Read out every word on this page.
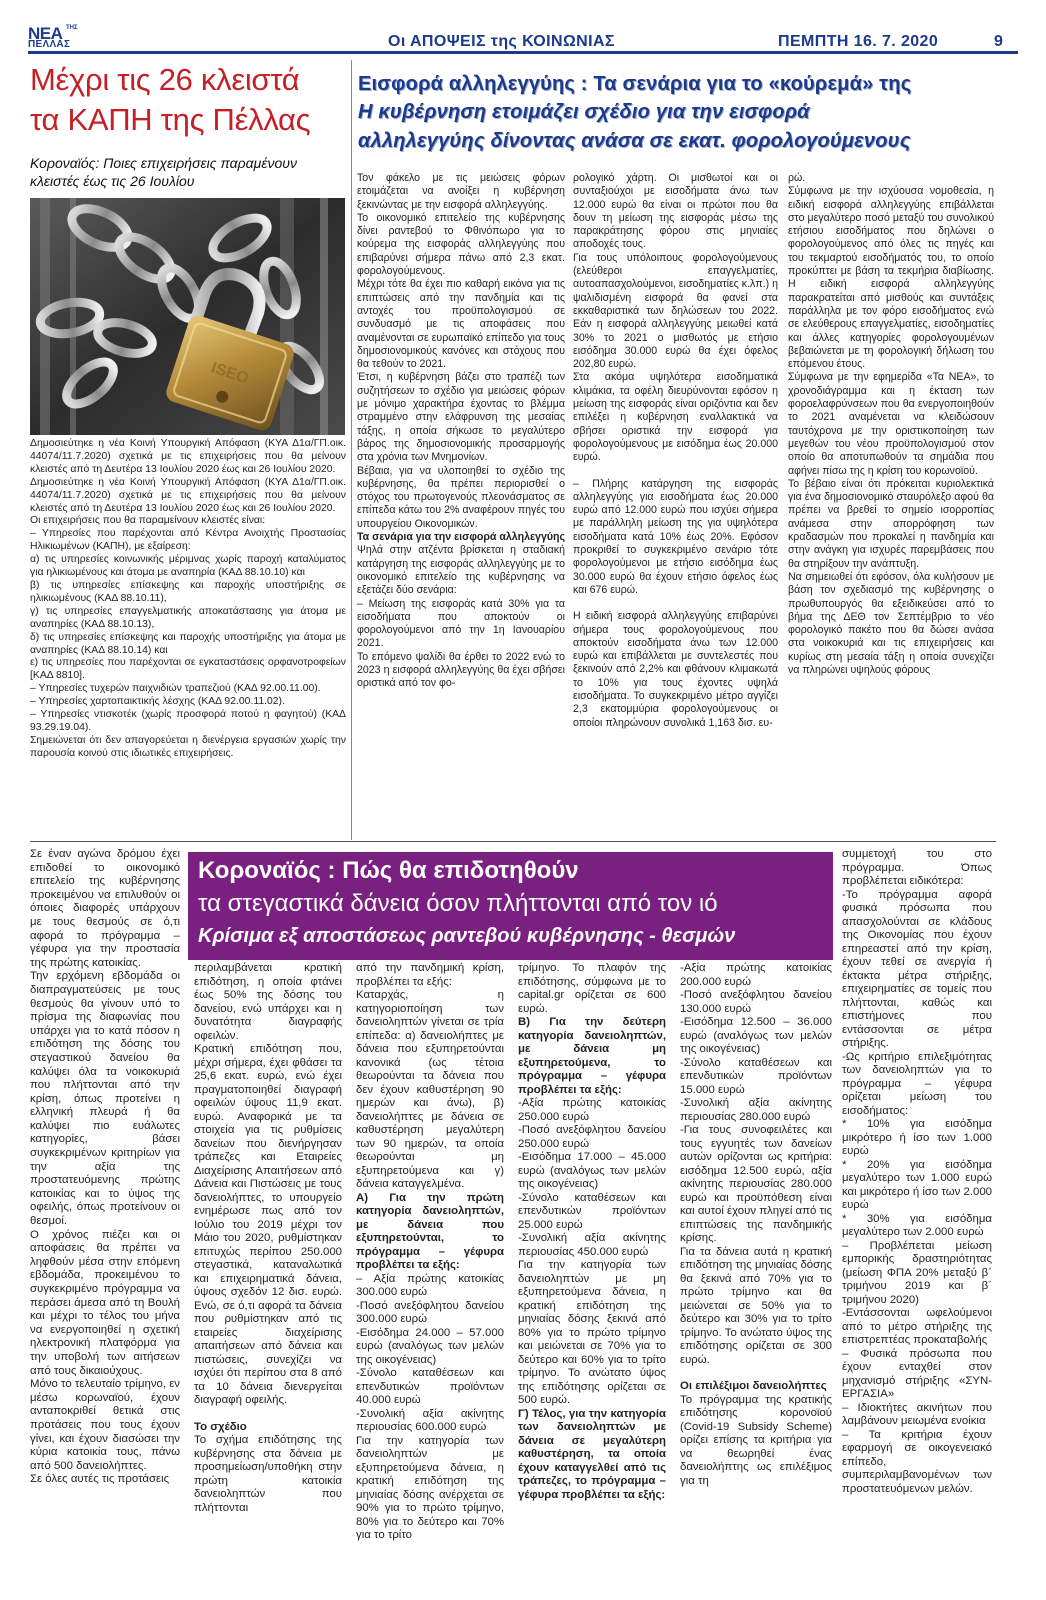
ΝΕΑ ΤΗΣ
ΠΕΛΛΑΣ	Οι ΑΠΟΨΕΙΣ της ΚΟΙΝΩΝΙΑΣ	ΠΕΜΠΤΗ 16. 7. 2020	9
Μέχρι τις 26 κλειστά
τα ΚΑΠΗ της Πέλλας
Κοροναϊός: Ποιες επιχειρήσεις παραμένουν κλειστές έως τις 26 Ιουλίου
ISEO

Δημοσιεύτηκε η νέα Κοινή Υπουργική Απόφαση (ΚΥΑ Δ1α/ΓΠ.οικ. 44074/11.7.2020) σχετικά με τις επιχειρήσεις που θα μείνουν κλειστές από τη Δευτέρα 13 Ιουλίου 2020 έως και 26 Ιουλίου 2020.

Δημοσιεύτηκε η νέα Κοινή Υπουργική Απόφαση (ΚΥΑ Δ1α/ΓΠ.οικ. 44074/11.7.2020) σχετικά με τις επιχειρήσεις που θα μείνουν κλειστές από τη Δευτέρα 13 Ιουλίου 2020 έως και 26 Ιουλίου 2020.

Οι επιχειρήσεις που θα παραμείνουν κλειστές είναι:

– Υπηρεσίες που παρέχονται από Κέντρα Ανοιχτής Προστασίας Ηλικιωμένων (ΚΑΠΗ), με εξαίρεση:

α) τις υπηρεσίες κοινωνικής μέριμνας χωρίς παροχή καταλύματος για ηλικιωμένους και άτομα με αναπηρία (ΚΑΔ 88.10.10) και

β) τις υπηρεσίες επίσκεψης και παροχής υποστήριξης σε ηλικιωμένους (ΚΑΔ 88.10.11),

γ) τις υπηρεσίες επαγγελματικής αποκατάστασης για άτομα με αναπηρίες (ΚΑΔ 88.10.13),

δ) τις υπηρεσίες επίσκεψης και παροχής υποστήριξης για άτομα με αναπηρίες (ΚΑΔ 88.10.14) και

ε) τις υπηρεσίες που παρέχονται σε εγκαταστάσεις ορφανοτροφείων [ΚΑΔ 8810].

– Υπηρεσίες τυχερών παιχνιδιών τραπεζιού (ΚΑΔ 92.00.11.00).

– Υπηρεσίες χαρτοπαικτικής λέσχης (ΚΑΔ 92.00.11.02).

– Υπηρεσίες ντισκοτέκ (χωρίς προσφορά ποτού η φαγητού) (ΚΑΔ 93.29.19.04).

Σημειώνεται ότι δεν απαγορεύεται η διενέργεια εργασιών χωρίς την παρουσία κοινού στις ιδιωτικές επιχειρήσεις.

Εισφορά αλληλεγγύης : Τα σενάρια για το «κούρεμά» της
Η κυβέρνηση ετοιμάζει σχέδιο για την εισφορά
αλληλεγγύης δίνοντας ανάσα σε εκατ. φορολογούμενους

Τον φάκελο με τις μειώσεις φόρων ετοιμάζεται να ανοίξει η κυβέρνηση ξεκινώντας με την εισφορά αλληλεγγύης.

Το οικονομικό επιτελείο της κυβέρνησης δίνει ραντεβού το Φθινόπωρο για το κούρεμα της εισφοράς αλληλεγγύης που επιβαρύνει σήμερα πάνω από 2,3 εκατ. φορολογούμενους.

Μέχρι τότε θα έχει πιο καθαρή εικόνα για τις επιπτώσεις από την πανδημία και τις αντοχές του προϋπολογισμού σε συνδυασμό με τις αποφάσεις που αναμένονται σε ευρωπαϊκό επίπεδο για τους δημοσιονομικούς κανόνες και στόχους που θα τεθούν το 2021.

Έτσι, η κυβέρνηση βάζει στο τραπέζι των συζητήσεων το σχέδιο για μειώσεις φόρων με μόνιμο χαρακτήρα έχοντας το βλέμμα στραμμένο στην ελάφρυνση της μεσαίας τάξης, η οποία σήκωσε το μεγαλύτερο βάρος της δημοσιονομικής προσαρμογής στα χρόνια των Μνημονίων.

Βέβαια, για να υλοποιηθεί το σχέδιο της κυβέρνησης, θα πρέπει περιορισθεί ο στόχος του πρωτογενούς πλεονάσματος σε επίπεδα κάτω του 2% αναφέρουν πηγές του υπουργείου Οικονομικών.

Τα σενάρια για την εισφορά αλληλεγγύης

Ψηλά στην ατζέντα βρίσκεται η σταδιακή κατάργηση της εισφοράς αλληλεγγύης με το οικονομικό επιτελείο της κυβέρνησης να εξετάζει δύο σενάρια:

– Μείωση της εισφοράς κατά 30% για τα εισοδήματα που αποκτούν οι φορολογούμενοι από την 1η Ιανουαρίου 2021.

Το επόμενο ψαλίδι θα έρθει το 2022 ενώ το 2023 η εισφορά αλληλεγγύης θα έχει σβήσει οριστικά από τον φο-

ρολογικό χάρτη. Οι μισθωτοί και οι συνταξιούχοι με εισοδήματα άνω των 12.000 ευρώ θα είναι οι πρώτοι που θα δουν τη μείωση της εισφοράς μέσω της παρακράτησης φόρου στις μηνιαίες αποδοχές τους.

Για τους υπόλοιπους φορολογούμενους (ελεύθεροι επαγγελματίες, αυτοαπασχολούμενοι, εισοδηματίες κ.λπ.) η ψαλιδισμένη εισφορά θα φανεί στα εκκαθαριστικά των δηλώσεων του 2022. Εάν η εισφορά αλληλεγγύης μειωθεί κατά 30% το 2021 ο μισθωτός με ετήσιο εισόδημα 30.000 ευρώ θα έχει όφελος 202,80 ευρώ.

Στα ακόμα υψηλότερα εισοδηματικά κλιμάκια, τα οφέλη διευρύνονται εφόσον η μείωση της εισφοράς είναι οριζόντια και δεν επιλέξει η κυβέρνηση εναλλακτικά να σβήσει οριστικά την εισφορά για φορολογούμενους με εισόδημα έως 20.000 ευρώ.

– Πλήρης κατάργηση της εισφοράς αλληλεγγύης για εισοδήματα έως 20.000 ευρώ από 12.000 ευρώ που ισχύει σήμερα με παράλληλη μείωση της για υψηλότερα εισοδήματα κατά 10% έως 20%. Εφόσον προκριθεί το συγκεκριμένο σενάριο τότε φορολογούμενοι με ετήσιο εισόδημα έως 30.000 ευρώ θα έχουν ετήσιο όφελος έως και 676 ευρώ.

Η ειδική εισφορά αλληλεγγύης επιβαρύνει σήμερα τους φορολογούμενους που αποκτούν εισοδήματα άνω των 12.000 ευρώ και επιβάλλεται με συντελεστές που ξεκινούν από 2,2% και φθάνουν κλιμακωτά το 10% για τους έχοντες υψηλά εισοδήματα. Το συγκεκριμένο μέτρο αγγίζει 2,3 εκατομμύρια φορολογούμενους οι οποίοι πληρώνουν συνολικά 1,163 δισ. ευ-

ρώ.

Σύμφωνα με την ισχύουσα νομοθεσία, η ειδική εισφορά αλληλεγγύης επιβάλλεται στο μεγαλύτερο ποσό μεταξύ του συνολικού ετήσιου εισοδήματος που δηλώνει ο φορολογούμενος από όλες τις πηγές και του τεκμαρτού εισοδήματός του, το οποίο προκύπτει με βάση τα τεκμήρια διαβίωσης. Η ειδική εισφορά αλληλεγγύης παρακρατείται από μισθούς και συντάξεις παράλληλα με τον φόρο εισοδήματος ενώ σε ελεύθερους επαγγελματίες, εισοδηματίες και άλλες κατηγορίες φορολογουμένων βεβαιώνεται με τη φορολογική δήλωση του επόμενου έτους.

Σύμφωνα με την εφημερίδα «Τα ΝΕΑ», το χρονοδιάγραμμα και η έκταση των φοροελαφρύνσεων που θα ενεργοποιηθούν το 2021 αναμένεται να κλειδώσουν ταυτόχρονα με την οριστικοποίηση των μεγεθών του νέου προϋπολογισμού στον οποίο θα αποτυπωθούν τα σημάδια που αφήνει πίσω της η κρίση του κορωνοϊού.

Το βέβαιο είναι ότι πρόκειται κυριολεκτικά για ένα δημοσιονομικό σταυρόλεξο αφού θα πρέπει να βρεθεί το σημείο ισορροπίας ανάμεσα στην απορρόφηση των κραδασμών που προκαλεί η πανδημία και στην ανάγκη για ισχυρές παρεμβάσεις που θα στηρίξουν την ανάπτυξη.

Να σημειωθεί ότι εφόσον, όλα κυλήσουν με βάση τον σχεδιασμό της κυβέρνησης ο πρωθυπουργός θα εξειδικεύσει από το βήμα της ΔΕΘ τον Σεπτέμβριο το νέο φορολογικό πακέτο που θα δώσει ανάσα στα νοικοκυριά και τις επιχειρήσεις και κυρίως στη μεσαία τάξη η οποία συνεχίζει να πληρώνει υψηλούς φόρους

Σε έναν αγώνα δρόμου έχει επιδοθεί το οικονομικό επιτελείο της κυβέρνησης προκειμένου να επιλυθούν οι όποιες διαφορές υπάρχουν με τους θεσμούς σε ό,τι αφορά το πρόγραμμα – γέφυρα για την προστασία της πρώτης κατοικίας.

Την ερχόμενη εβδομάδα οι διαπραγματεύσεις με τους θεσμούς θα γίνουν υπό το πρίσμα της διαφωνίας που υπάρχει για το κατά πόσον η επιδότηση της δόσης του στεγαστικού δανείου θα καλύψει όλα τα νοικοκυριά που πλήττονται από την κρίση, όπως προτείνει η ελληνική πλευρά ή θα καλύψει πιο ευάλωτες κατηγορίες, βάσει συγκεκριμένων κριτηρίων για την αξία της προστατευόμενης πρώτης κατοικίας και το ύψος της οφειλής, όπως προτείνουν οι θεσμοί.

Ο χρόνος πιέζει και οι αποφάσεις θα πρέπει να ληφθούν μέσα στην επόμενη εβδομάδα, προκειμένου το συγκεκριμένο πρόγραμμα να περάσει άμεσα από τη Βουλή και μέχρι το τέλος του μήνα να ενεργοποιηθεί η σχετική ηλεκτρονική πλατφόρμα για την υποβολή των αιτήσεων από τους δικαιούχους.

Μόνο το τελευταίο τρίμηνο, εν μέσω κορωναϊού, έχουν ανταποκριθεί θετικά στις προτάσεις που τους έχουν γίνει, και έχουν διασώσει την κύρια κατοικία τους, πάνω από 500 δανειολήπτες.

Σε όλες αυτές τις προτάσεις

Κοροναϊός : Πώς θα επιδοτηθούν
τα στεγαστικά δάνεια όσον πλήττονται από τον ιό
Κρίσιμα εξ αποστάσεως ραντεβού κυβέρνησης - θεσμών

περιλαμβάνεται κρατική επιδότηση, η οποία φτάνει έως 50% της δόσης του δανείου, ενώ υπάρχει και η δυνατότητα διαγραφής οφειλών.

Κρατική επιδότηση που, μέχρι σήμερα, έχει φθάσει τα 25,6 εκατ. ευρώ, ενώ έχει πραγματοποιηθεί διαγραφή οφειλών ύψους 11,9 εκατ. ευρώ. Αναφορικά με τα στοιχεία για τις ρυθμίσεις δανείων που διενήργησαν τράπεζες και Εταιρείες Διαχείρισης Απαιτήσεων από Δάνεια και Πιστώσεις με τους δανειολήπτες, το υπουργείο ενημέρωσε πως από τον Ιούλιο του 2019 μέχρι τον Μάιο του 2020, ρυθμίστηκαν επιτυχώς περίπου 250.000 στεγαστικά, καταναλωτικά και επιχειρηματικά δάνεια, ύψους σχεδόν 12 δισ. ευρώ. Ενώ, σε ό,τι αφορά τα δάνεια που ρυθμίστηκαν από τις εταιρείες διαχείρισης απαιτήσεων από δάνεια και πιστώσεις, συνεχίζει να ισχύει ότι περίπου στα 8 από τα 10 δάνεια διενεργείται διαγραφή οφειλής.

Το σχέδιο

Το σχήμα επιδότησης της κυβέρνησης στα δάνεια με προσημείωση/υποθήκη στην πρώτη κατοικία δανειοληπτών που πλήττονται

από την πανδημική κρίση, προβλέπει τα εξής:

Καταρχάς, η κατηγοριοποίηση των δανειοληπτών γίνεται σε τρία επίπεδα: α) δανειολήπτες με δάνεια που εξυπηρετούνται κανονικά (ως τέτοια θεωρούνται τα δάνεια που δεν έχουν καθυστέρηση 90 ημερών και άνω), β) δανειολήπτες με δάνεια σε καθυστέρηση μεγαλύτερη των 90 ημερών, τα οποία θεωρούνται μη εξυπηρετούμενα και γ) δάνεια καταγγελμένα.

Α) Για την πρώτη κατηγορία δανειοληπτών, με δάνεια που εξυπηρετούνται, το πρόγραμμα – γέφυρα προβλέπει τα εξής:

– Αξία πρώτης κατοικίας 300.000 ευρώ

-Ποσό ανεξόφλητου δανείου 300.000 ευρώ

-Εισόδημα 24.000 – 57.000 ευρώ (αναλόγως των μελών της οικογένειας)

-Σύνολο καταθέσεων και επενδυτικών προϊόντων 40.000 ευρώ

-Συνολική αξία ακίνητης περιουσίας 600.000 ευρώ

Για την κατηγορία των δανειοληπτών με εξυπηρετούμενα δάνεια, η κρατική επιδότηση της μηνιαίας δόσης ανέρχεται σε 90% για το πρώτο τρίμηνο, 80% για το δεύτερο και 70% για το τρίτο

τρίμηνο. Το πλαφόν της επιδότησης, σύμφωνα με το capital.gr ορίζεται σε 600 ευρώ.

Β) Για την δεύτερη κατηγορία δανειοληπτών, με δάνεια μη εξυπηρετούμενα, το πρόγραμμα – γέφυρα προβλέπει τα εξής:

-Αξία πρώτης κατοικίας 250.000 ευρώ

-Ποσό ανεξόφλητου δανείου 250.000 ευρώ

-Εισόδημα 17.000 – 45.000 ευρώ (αναλόγως των μελών της οικογένειας)

-Σύνολο καταθέσεων και επενδυτικών προϊόντων 25.000 ευρώ

-Συνολική αξία ακίνητης περιουσίας 450.000 ευρώ

Για την κατηγορία των δανειοληπτών με μη εξυπηρετούμενα δάνεια, η κρατική επιδότηση της μηνιαίας δόσης ξεκινά από 80% για το πρώτο τρίμηνο και μειώνεται σε 70% για το δεύτερο και 60% για το τρίτο τρίμηνο. Το ανώτατο ύψος της επιδότησης ορίζεται σε 500 ευρώ.

Γ) Τέλος, για την κατηγορία των δανειοληπτών με δάνεια σε μεγαλύτερη καθυστέρηση, τα οποία έχουν καταγγελθεί από τις τράπεζες, το πρόγραμμα – γέφυρα προβλέπει τα εξής:

-Αξία πρώτης κατοικίας 200.000 ευρώ

-Ποσό ανεξόφλητου δανείου 130.000 ευρώ

-Εισόδημα 12.500 – 36.000 ευρώ (αναλόγως των μελών της οικογένειας)

-Σύνολο καταθέσεων και επενδυτικών προϊόντων 15.000 ευρώ

-Συνολική αξία ακίνητης περιουσίας 280.000 ευρώ

-Για τους συνοφειλέτες και τους εγγυητές των δανείων αυτών ορίζονται ως κριτήρια: εισόδημα 12.500 ευρώ, αξία ακίνητης περιουσίας 280.000 ευρώ και προϋπόθεση είναι και αυτοί έχουν πληγεί από τις επιπτώσεις της πανδημικής κρίσης.

Για τα δάνεια αυτά η κρατική επιδότηση της μηνιαίας δόσης θα ξεκινά από 70% για το πρώτο τρίμηνο και θα μειώνεται σε 50% για το δεύτερο και 30% για το τρίτο τρίμηνο. Το ανώτατο ύψος της επιδότησης ορίζεται σε 300 ευρώ.

Οι επιλέξιμοι δανειολήπτες

Το πρόγραμμα της κρατικής επιδότησης κορονοϊού (Covid-19 Subsidy Scheme) ορίζει επίσης τα κριτήρια για να θεωρηθεί ένας δανειολήπτης ως επιλέξιμος για τη

συμμετοχή του στο πρόγραμμα. Όπως προβλέπεται ειδικότερα:

-Το πρόγραμμα αφορά φυσικά πρόσωπα που απασχολούνται σε κλάδους της Οικονομίας που έχουν επηρεαστεί από την κρίση, έχουν τεθεί σε ανεργία ή έκτακτα μέτρα στήριξης, επιχειρηματίες σε τομείς που πλήττονται, καθώς και επιστήμονες που εντάσσονται σε μέτρα στήριξης.

-Ως κριτήριο επιλεξιμότητας των δανειοληπτών για το πρόγραμμα – γέφυρα ορίζεται μείωση του εισοδήματος:

* 10% για εισόδημα μικρότερο ή ίσο των 1.000 ευρώ

* 20% για εισόδημα μεγαλύτερο των 1.000 ευρώ και μικρότερο ή ίσο των 2.000 ευρώ

* 30% για εισόδημα μεγαλύτερο των 2.000 ευρώ

– Προβλέπεται μείωση εμπορικής δραστηριότητας (μείωση ΦΠΑ 20% μεταξύ β΄ τριμήνου 2019 και β΄ τριμήνου 2020)

-Εντάσσονται ωφελούμενοι από το μέτρο στήριξης της επιστρεπτέας προκαταβολής

– Φυσικά πρόσωπα που έχουν ενταχθεί στον μηχανισμό στήριξης «ΣΥΝ-ΕΡΓΑΣΙΑ»

– Ιδιοκτήτες ακινήτων που λαμβάνουν μειωμένα ενοίκια

– Τα κριτήρια έχουν εφαρμογή σε οικογενειακό επίπεδο, συμπεριλαμβανομένων των προστατευόμενων μελών.
